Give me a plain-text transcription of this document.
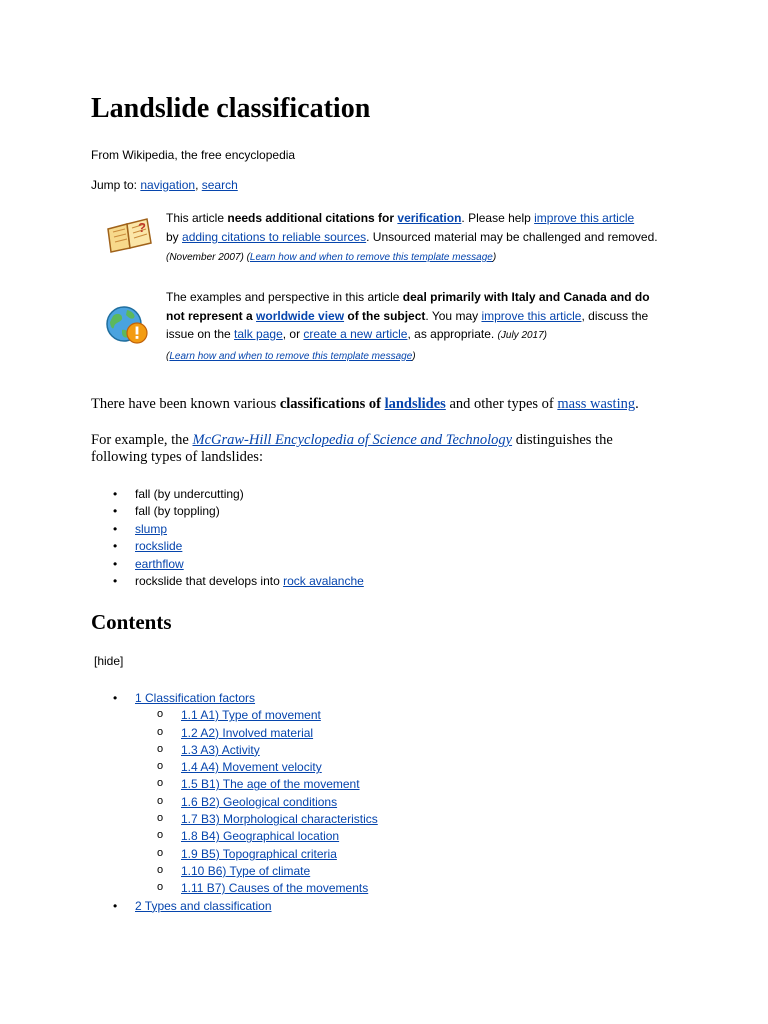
Landslide classification
From Wikipedia, the free encyclopedia
Jump to: navigation, search
?
This article needs additional citations for verification. Please help improve this article
by adding citations to reliable sources. Unsourced material may be challenged and removed. (November 2007) (Learn how and when to remove this template message)
The examples and perspective in this article deal primarily with Italy and Canada and do not represent a worldwide view of the subject. You may improve this article, discuss the issue on the talk page, or create a new article, as appropriate. (July 2017)
(Learn how and when to remove this template message)
There have been known various classifications of landslides and other types of mass wasting.
For example, the McGraw-Hill Encyclopedia of Science and Technology distinguishes the following types of landslides:
• fall (by undercutting)
• fall (by toppling)
• slump
• rockslide
• earthflow
• rockslide that develops into rock avalanche
Contents
[hide]
• 1 Classification factors
o 1.1 A1) Type of movement
o 1.2 A2) Involved material
o 1.3 A3) Activity
o 1.4 A4) Movement velocity
o 1.5 B1) The age of the movement
o 1.6 B2) Geological conditions
o 1.7 B3) Morphological characteristics
o 1.8 B4) Geographical location
o 1.9 B5) Topographical criteria
o 1.10 B6) Type of climate
o 1.11 B7) Causes of the movements
• 2 Types and classification
